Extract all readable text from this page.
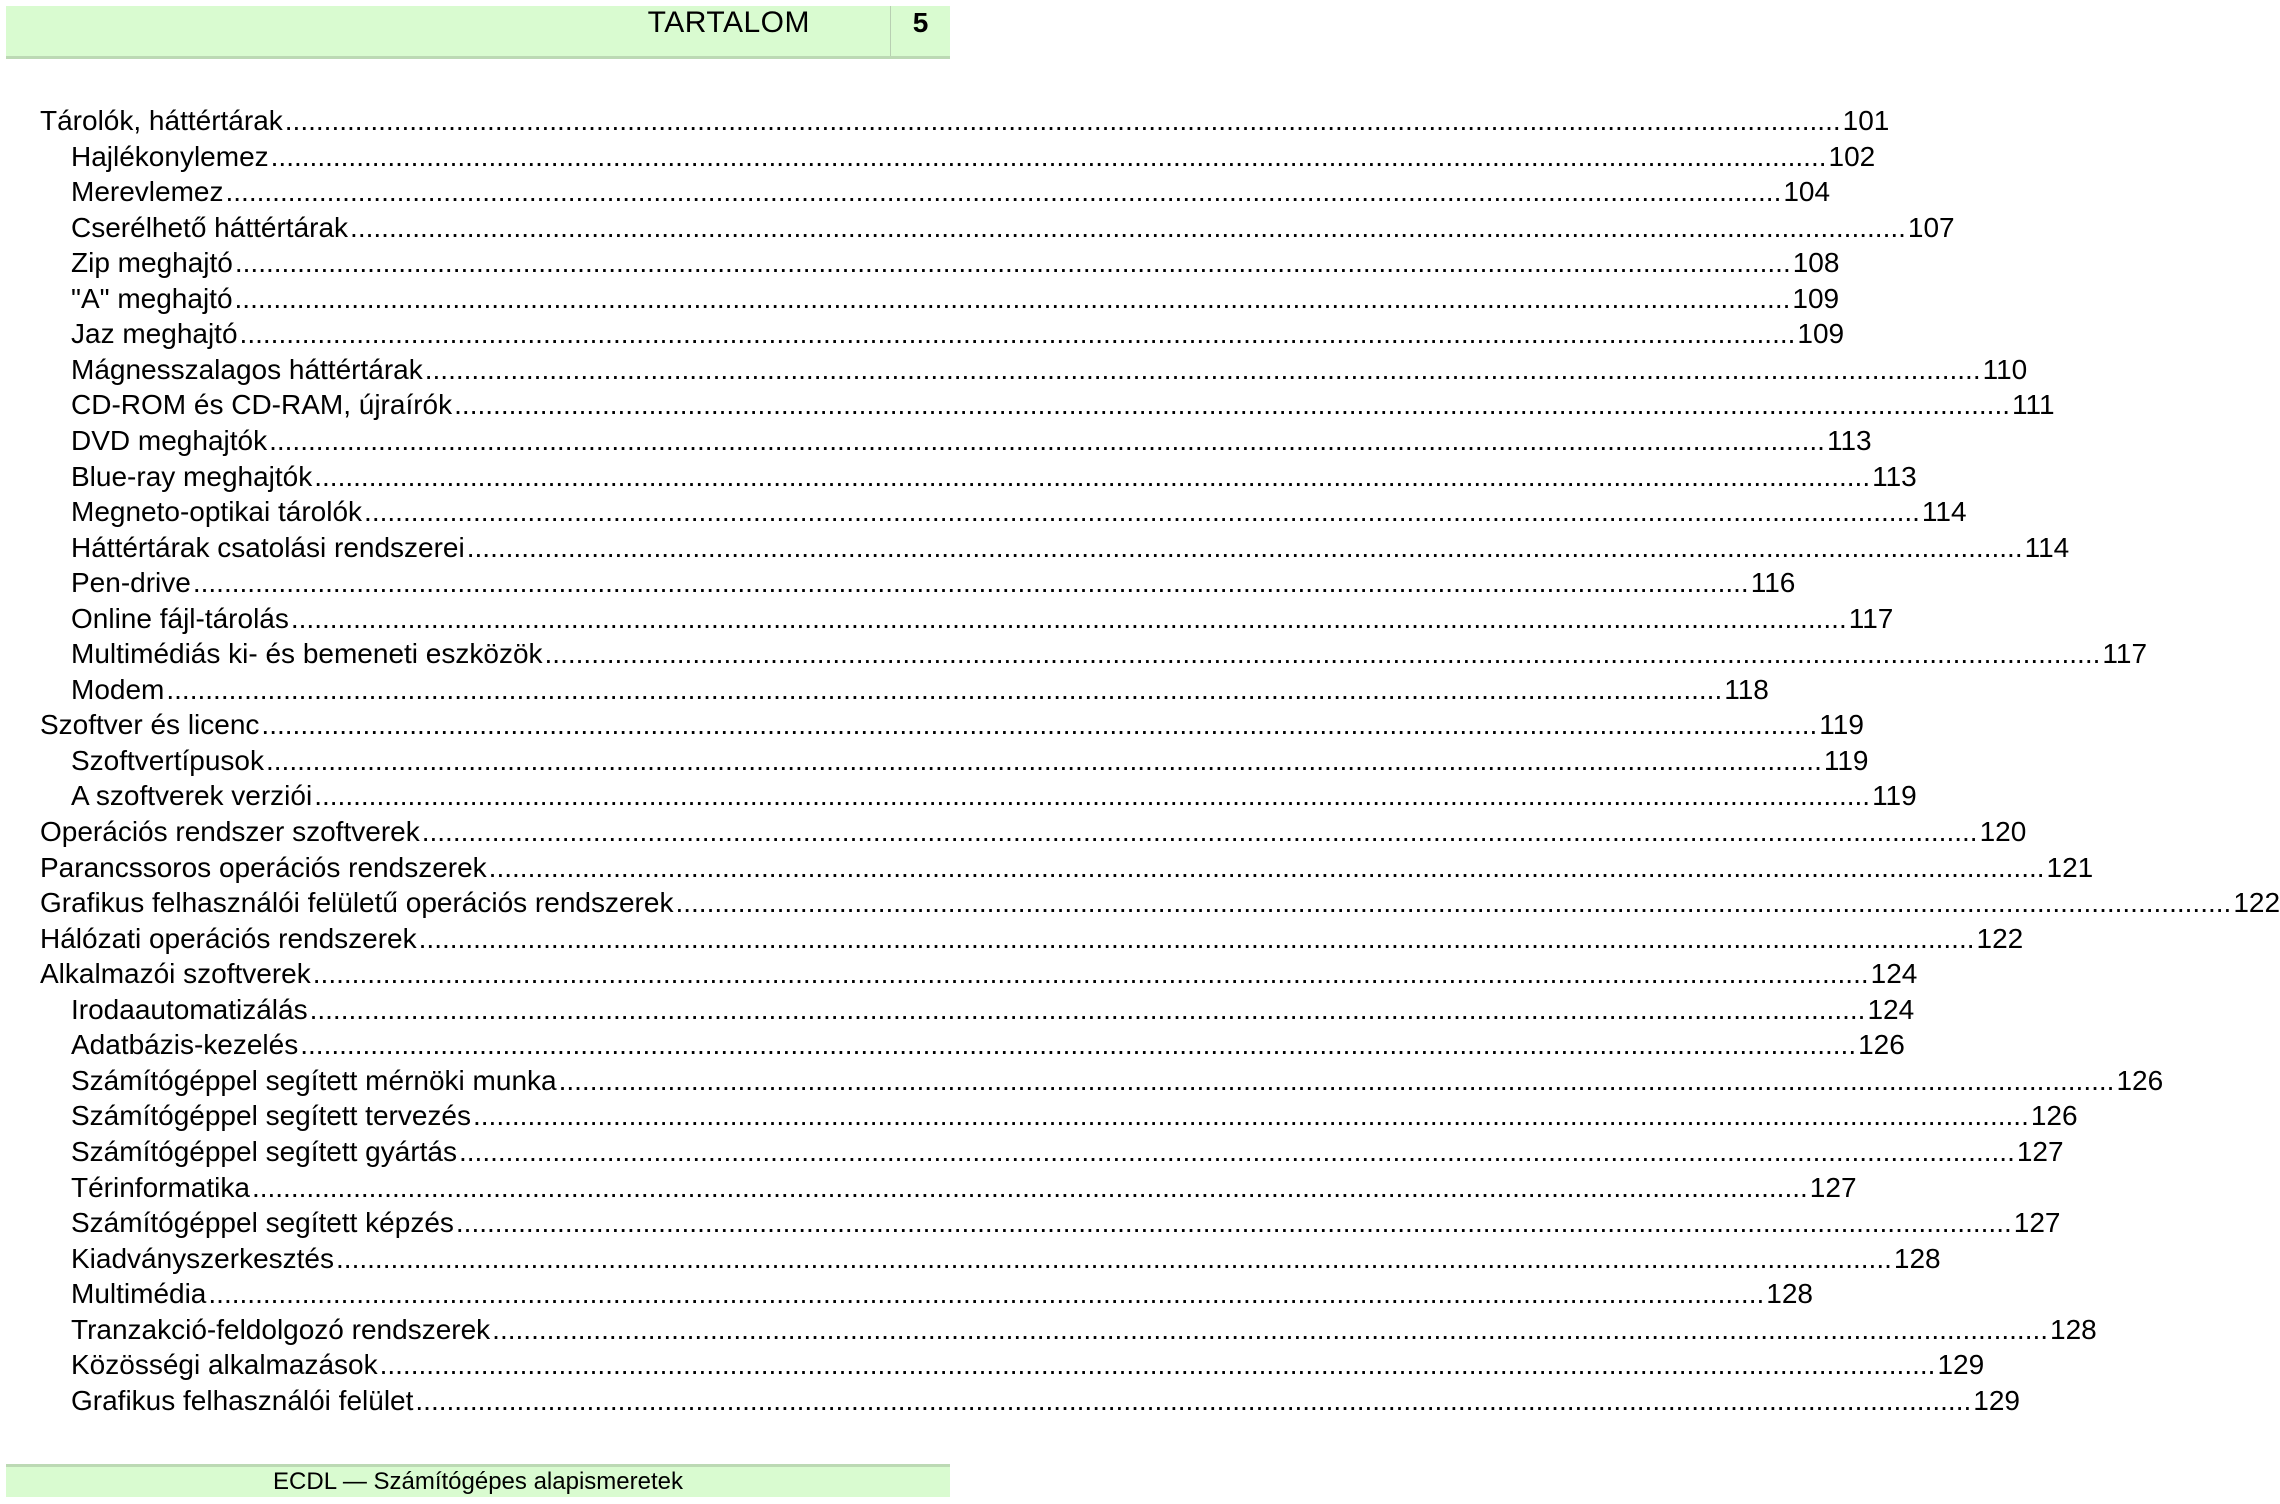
TARTALOM	5
Tárolók, háttértárak ........................................................................................................................................................................................................ 101
Hajlékonylemez ........................................................................................................................................................................................................ 102
Merevlemez ........................................................................................................................................................................................................ 104
Cserélhető háttértárak ........................................................................................................................................................................................................ 107
Zip meghajtó ........................................................................................................................................................................................................ 108
"A" meghajtó ........................................................................................................................................................................................................ 109
Jaz meghajtó ........................................................................................................................................................................................................ 109
Mágnesszalagos háttértárak ........................................................................................................................................................................................................ 110
CD-ROM és CD-RAM, újraírók ........................................................................................................................................................................................................ 111
DVD meghajtók ........................................................................................................................................................................................................ 113
Blue-ray meghajtók ........................................................................................................................................................................................................ 113
Megneto-optikai tárolók ........................................................................................................................................................................................................ 114
Háttértárak csatolási rendszerei ........................................................................................................................................................................................................ 114
Pen-drive ........................................................................................................................................................................................................ 116
Online fájl-tárolás ........................................................................................................................................................................................................ 117
Multimédiás ki- és bemeneti eszközök ........................................................................................................................................................................................................ 117
Modem ........................................................................................................................................................................................................ 118
Szoftver és licenc ........................................................................................................................................................................................................ 119
Szoftvertípusok ........................................................................................................................................................................................................ 119
A szoftverek verziói ........................................................................................................................................................................................................ 119
Operációs rendszer szoftverek ........................................................................................................................................................................................................ 120
Parancssoros operációs rendszerek ........................................................................................................................................................................................................ 121
Grafikus felhasználói felületű operációs rendszerek ........................................................................................................................................................................................................ 122
Hálózati operációs rendszerek ........................................................................................................................................................................................................ 122
Alkalmazói szoftverek ........................................................................................................................................................................................................ 124
Irodaautomatizálás ........................................................................................................................................................................................................ 124
Adatbázis-kezelés ........................................................................................................................................................................................................ 126
Számítógéppel segített mérnöki munka ........................................................................................................................................................................................................ 126
Számítógéppel segített tervezés ........................................................................................................................................................................................................ 126
Számítógéppel segített gyártás ........................................................................................................................................................................................................ 127
Térinformatika ........................................................................................................................................................................................................ 127
Számítógéppel segített képzés ........................................................................................................................................................................................................ 127
Kiadványszerkesztés ........................................................................................................................................................................................................ 128
Multimédia ........................................................................................................................................................................................................ 128
Tranzakció-feldolgozó rendszerek ........................................................................................................................................................................................................ 128
Közösségi alkalmazások ........................................................................................................................................................................................................ 129
Grafikus felhasználói felület ........................................................................................................................................................................................................ 129
ECDL — Számítógépes alapismeretek
